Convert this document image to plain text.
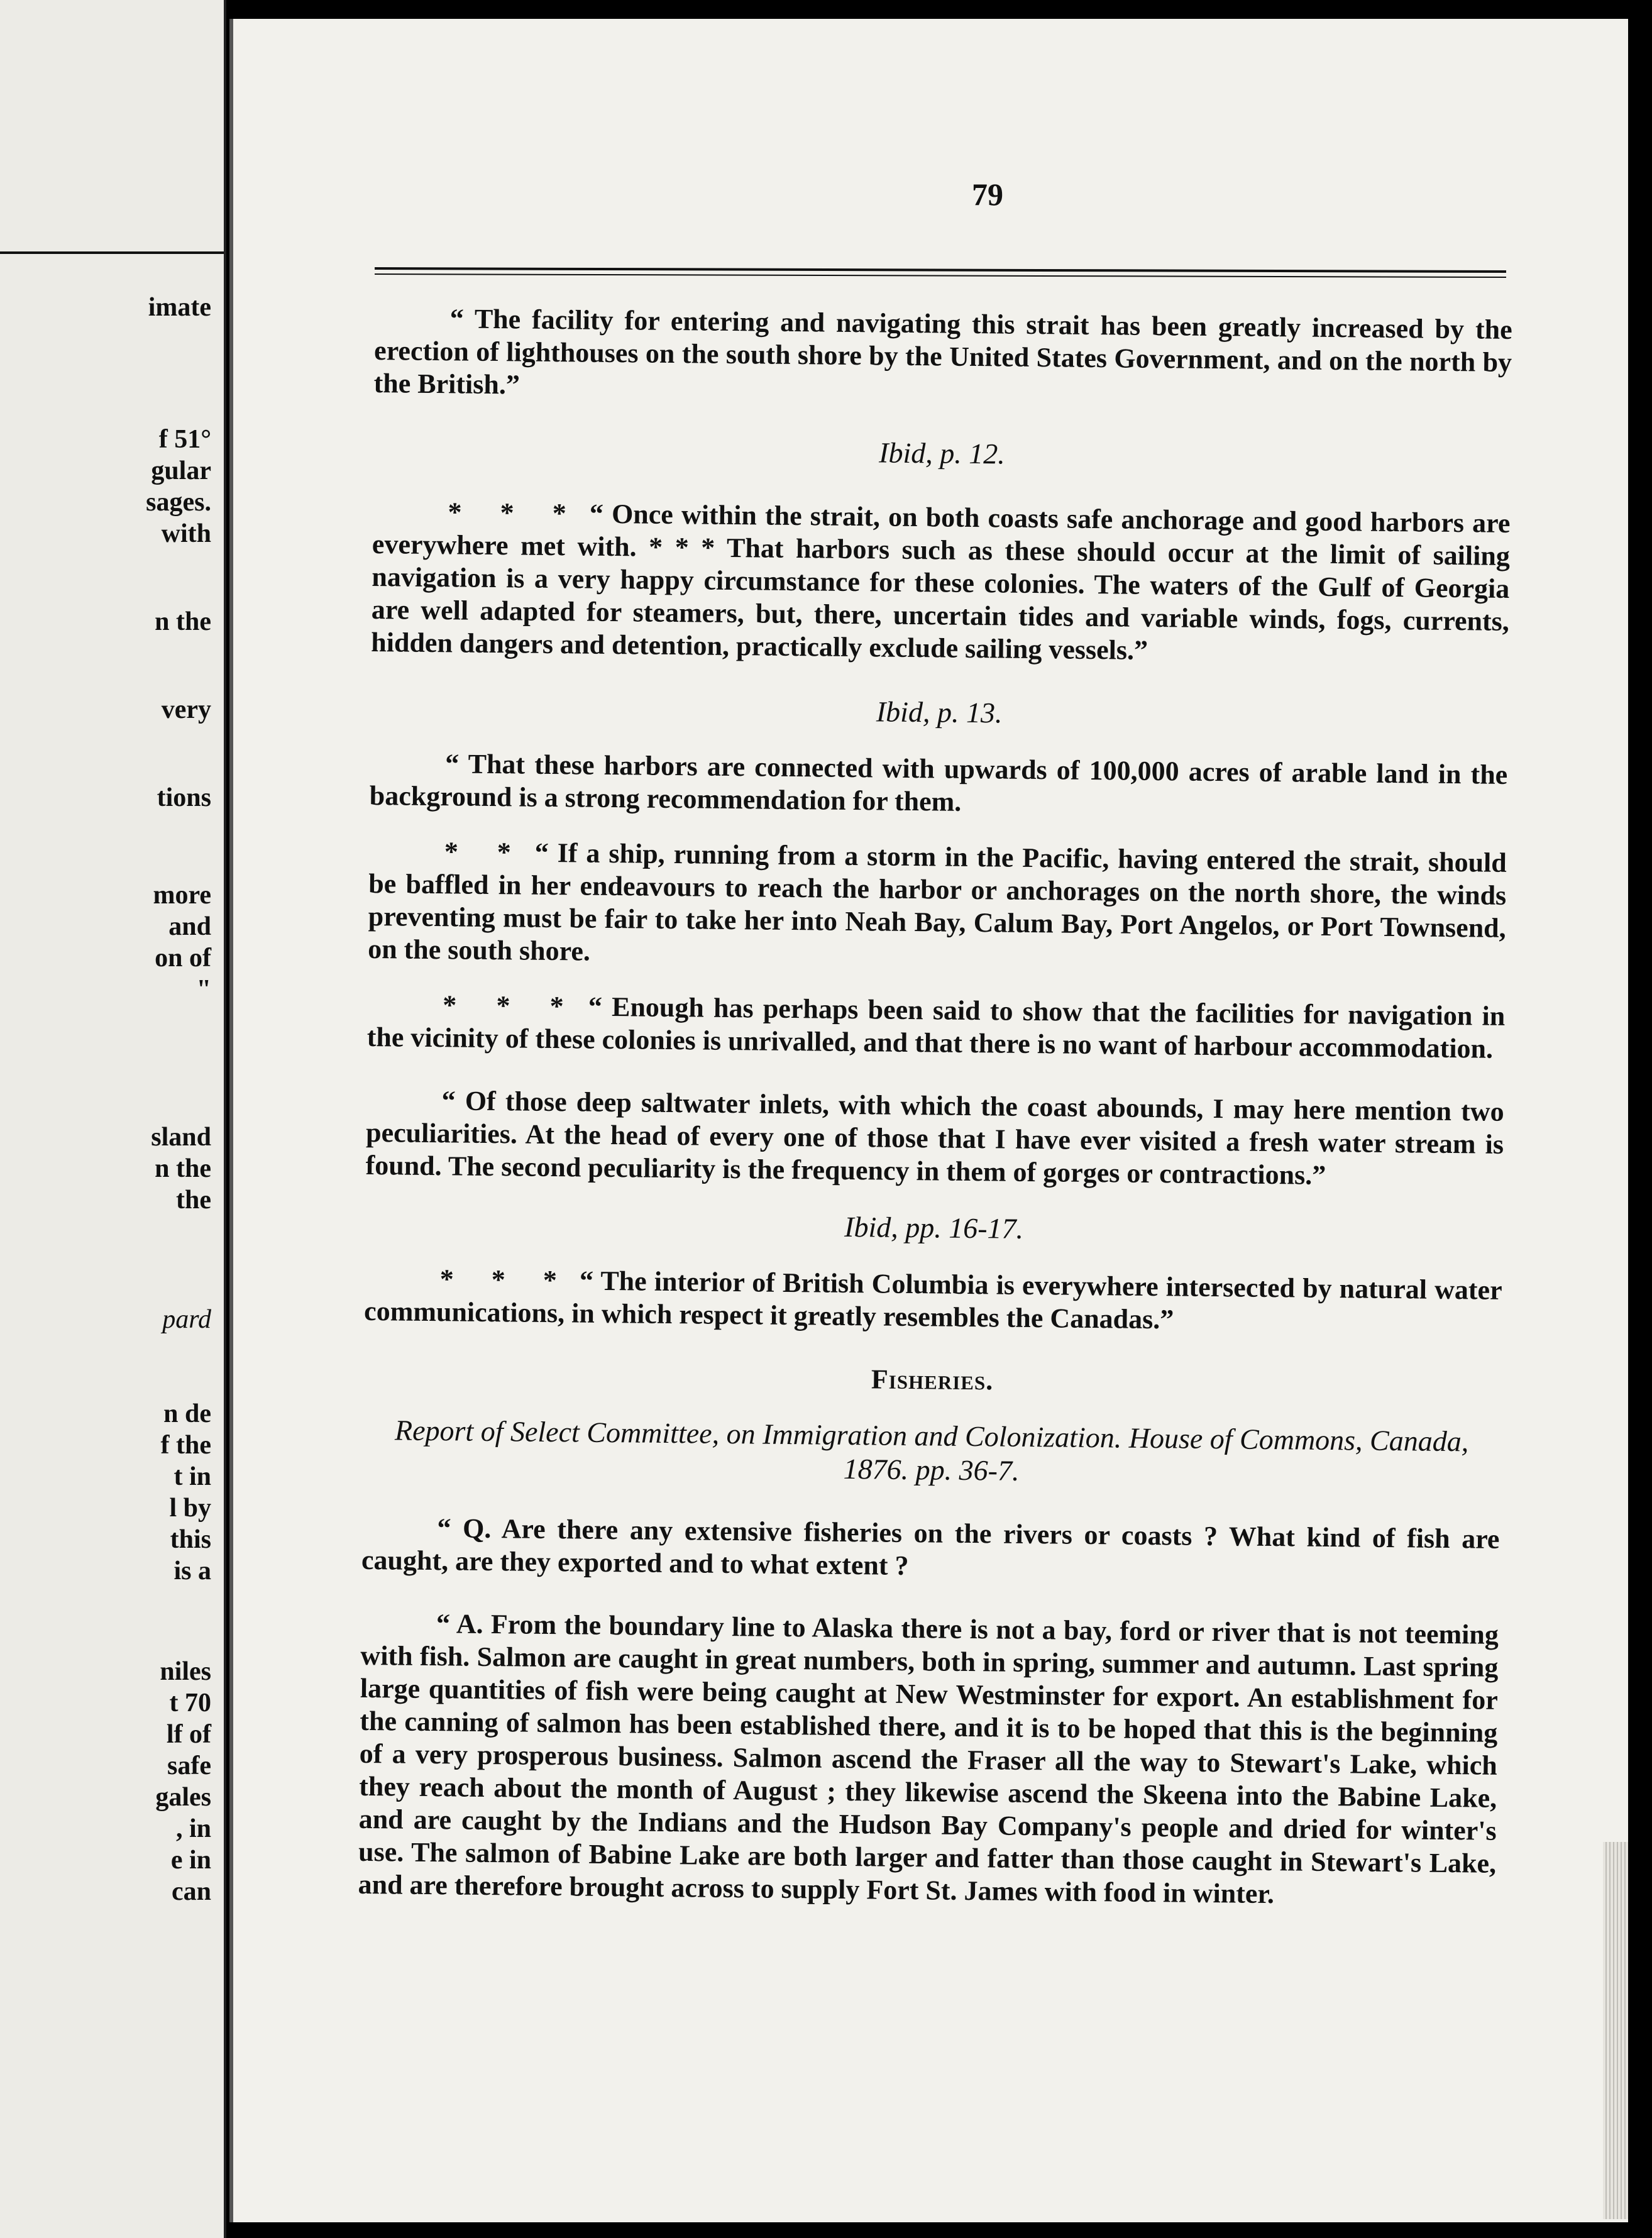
imate
f 51°
gular
sages.
with
n the
very
tions
more
and
on of
"
sland
n the
the
pard
n de
f the
t in
l by
this
is a
niles
t 70
lf of
safe
gales
, in
e in
can
79

“ The facility for entering and navigating this strait has been greatly increased by the erection of lighthouses on the south shore by the United States Government, and on the north by the British.”

Ibid, p. 12.

* * * “ Once within the strait, on both coasts safe anchorage and good harbors are everywhere met with. * * * That harbors such as these should occur at the limit of sailing navigation is a very happy circumstance for these colonies. The waters of the Gulf of Georgia are well adapted for steamers, but, there, uncertain tides and variable winds, fogs, currents, hidden dangers and detention, practically exclude sailing vessels.”

Ibid, p. 13.

“ That these harbors are connected with upwards of 100,000 acres of arable land in the background is a strong recommendation for them.

* * “ If a ship, running from a storm in the Pacific, having entered the strait, should be baffled in her endeavours to reach the harbor or anchorages on the north shore, the winds preventing must be fair to take her into Neah Bay, Calum Bay, Port Angelos, or Port Townsend, on the south shore.

* * * “ Enough has perhaps been said to show that the facilities for navigation in the vicinity of these colonies is unrivalled, and that there is no want of harbour accommodation.

“ Of those deep saltwater inlets, with which the coast abounds, I may here mention two peculiarities. At the head of every one of those that I have ever visited a fresh water stream is found. The second peculiarity is the frequency in them of gorges or contractions.”

Ibid, pp. 16-17.

* * * “ The interior of British Columbia is everywhere intersected by natural water communications, in which respect it greatly resembles the Canadas.”

Fisheries.
Report of Select Committee, on Immigration and Colonization. House of Commons, Canada, 1876. pp. 36-7.

“ Q. Are there any extensive fisheries on the rivers or coasts ? What kind of fish are caught, are they exported and to what extent ?

“ A. From the boundary line to Alaska there is not a bay, ford or river that is not teeming with fish. Salmon are caught in great numbers, both in spring, summer and autumn. Last spring large quantities of fish were being caught at New Westminster for export. An establishment for the canning of salmon has been established there, and it is to be hoped that this is the beginning of a very prosperous business. Salmon ascend the Fraser all the way to Stewart's Lake, which they reach about the month of August ; they likewise ascend the Skeena into the Babine Lake, and are caught by the Indians and the Hudson Bay Company's people and dried for winter's use. The salmon of Babine Lake are both larger and fatter than those caught in Stewart's Lake, and are therefore brought across to supply Fort St. James with food in winter.
